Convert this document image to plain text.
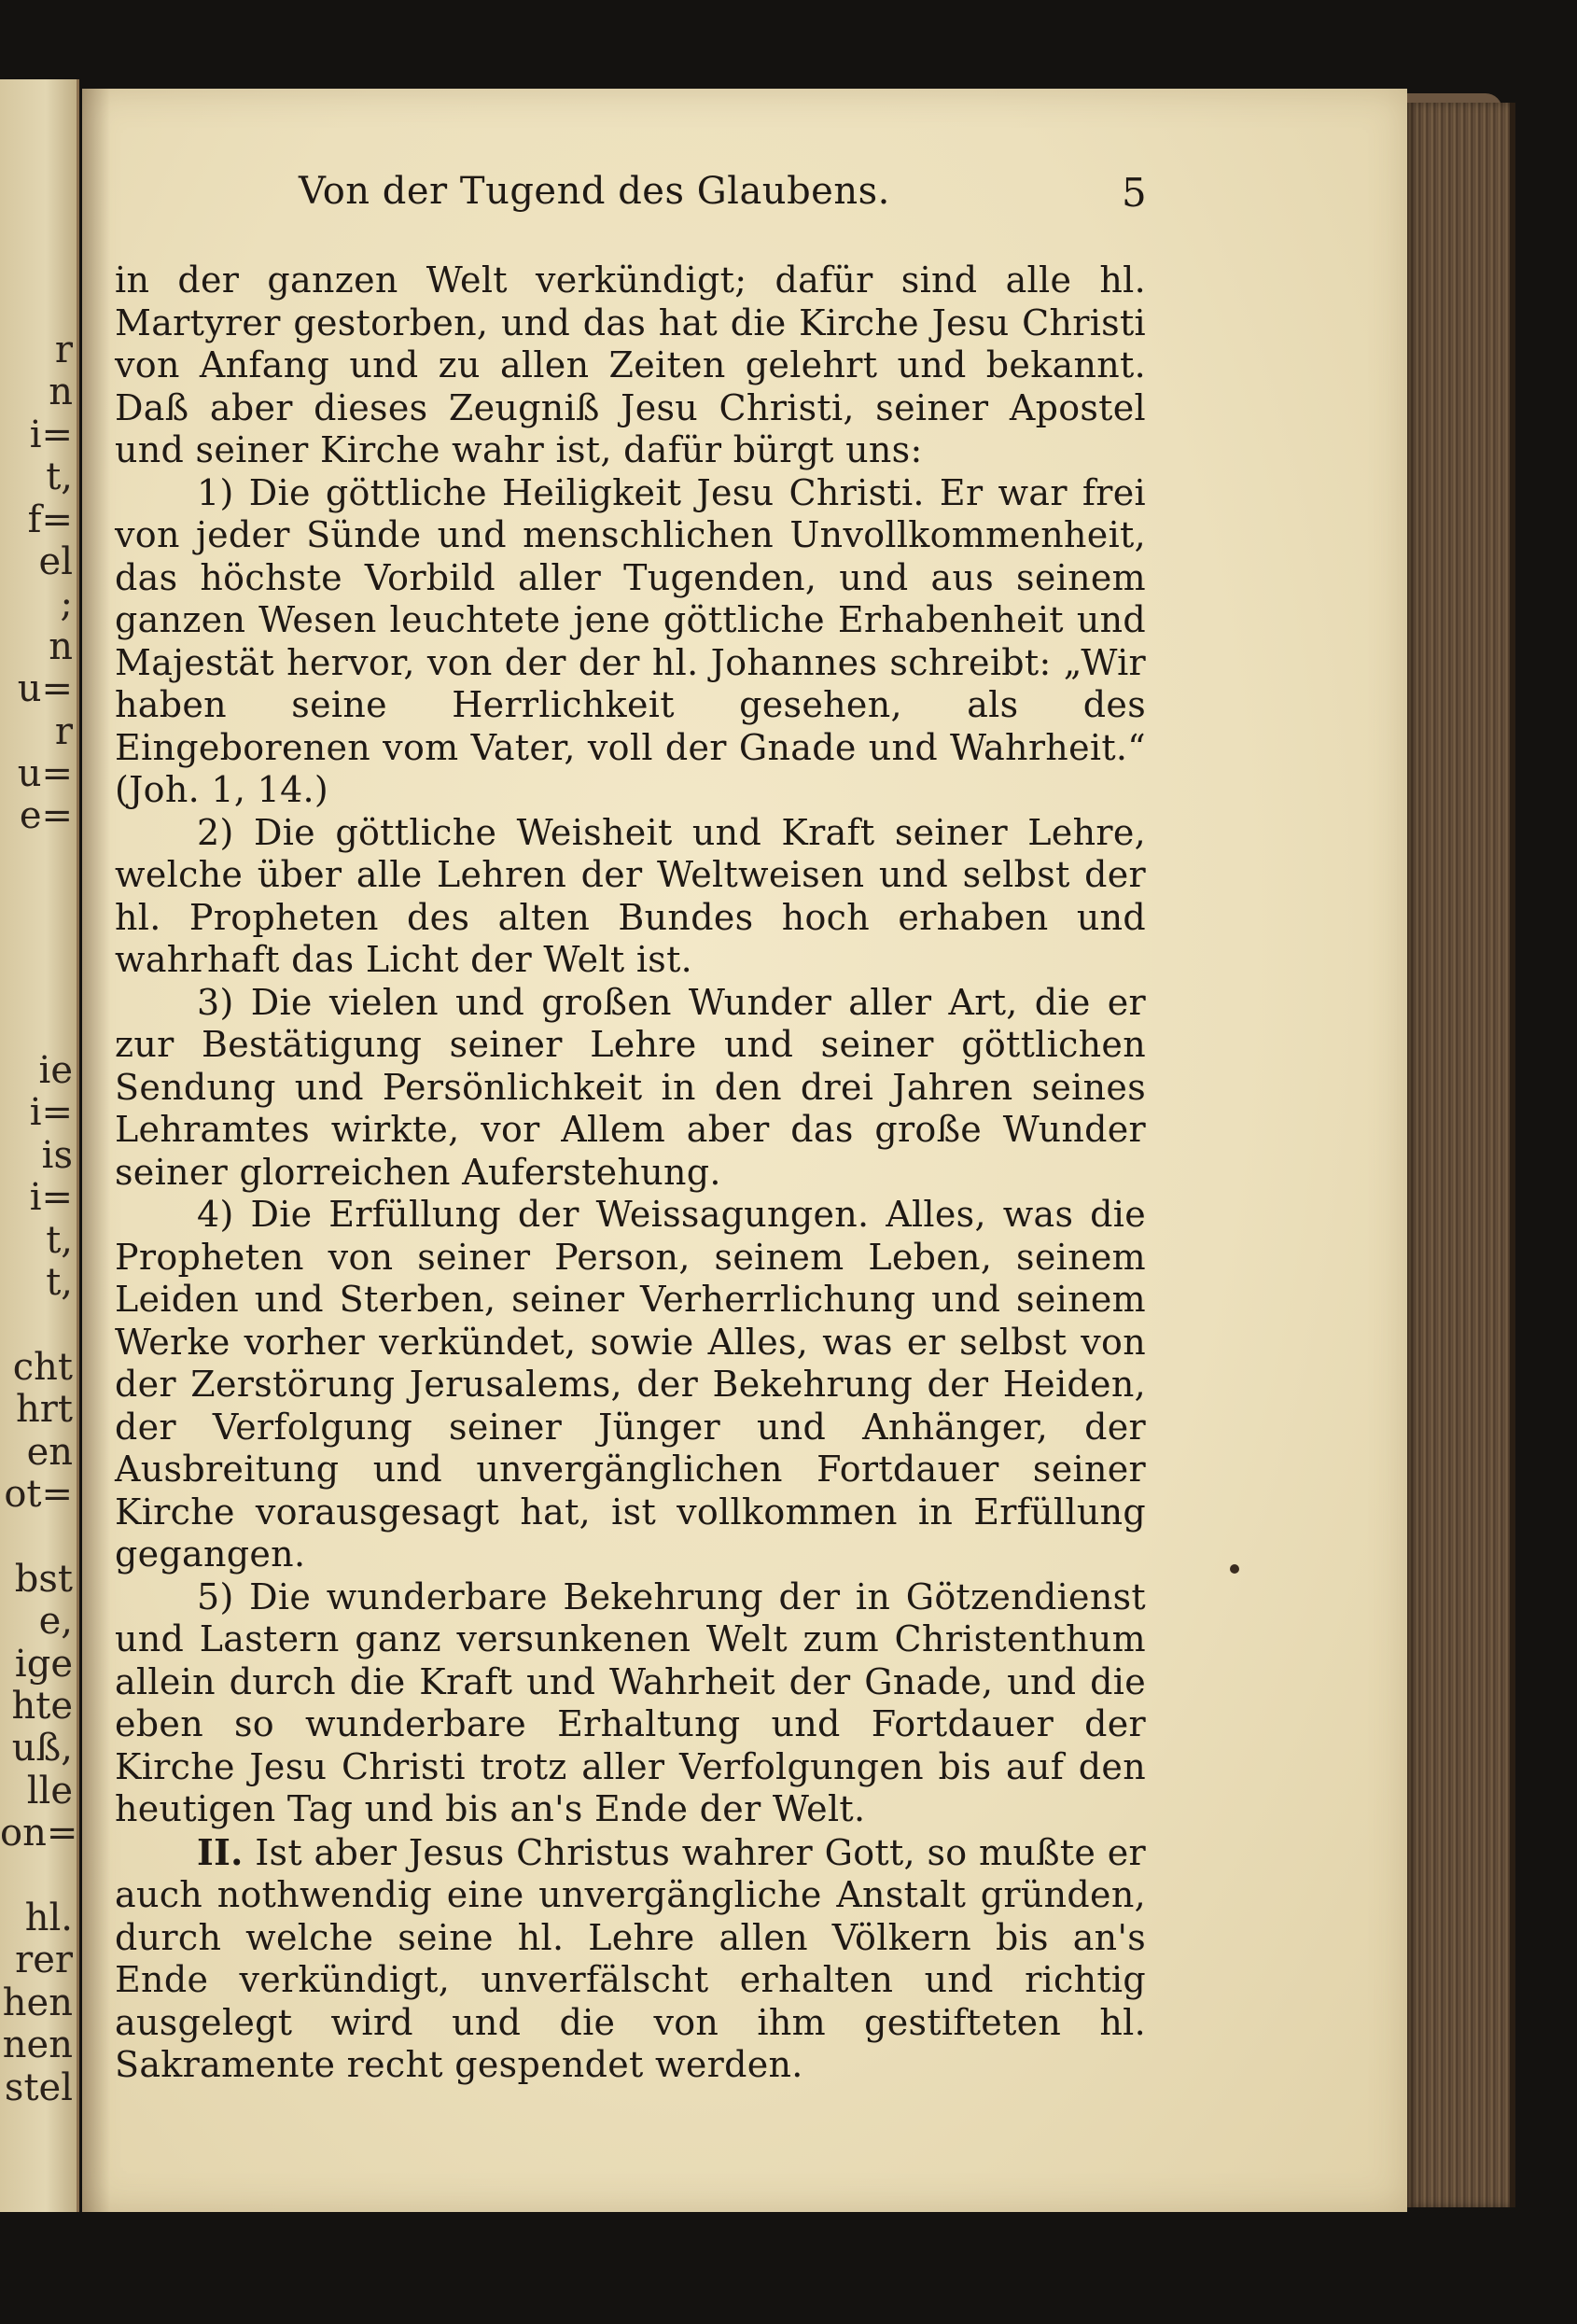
r
n
i=
t,
f=
el
;
n
u=
r
u=
e=

ie
i=
is
i=
t,
t,

cht
hrt
en
ot=

bst
e,
ige
hte
uß,
lle
on=

hl.
rer
hen
nen
stel
Von der Tugend des Glaubens.	5

in der ganzen Welt verkündigt; dafür sind alle hl. Martyrer gestorben, und das hat die Kirche Jesu Christi von Anfang und zu allen Zeiten gelehrt und bekannt. Daß aber dieses Zeugniß Jesu Christi, seiner Apostel und seiner Kirche wahr ist, dafür bürgt uns:

1) Die göttliche Heiligkeit Jesu Christi. Er war frei von jeder Sünde und menschlichen Unvollkommenheit, das höchste Vorbild aller Tugenden, und aus seinem ganzen Wesen leuchtete jene göttliche Erhabenheit und Majestät hervor, von der der hl. Johannes schreibt: „Wir haben seine Herrlichkeit gesehen, als des Eingeborenen vom Vater, voll der Gnade und Wahrheit.“ (Joh. 1, 14.)

2) Die göttliche Weisheit und Kraft seiner Lehre, welche über alle Lehren der Weltweisen und selbst der hl. Propheten des alten Bundes hoch erhaben und wahrhaft das Licht der Welt ist.

3) Die vielen und großen Wunder aller Art, die er zur Bestätigung seiner Lehre und seiner göttlichen Sendung und Persönlichkeit in den drei Jahren seines Lehramtes wirkte, vor Allem aber das große Wunder seiner glorreichen Auferstehung.

4) Die Erfüllung der Weissagungen. Alles, was die Propheten von seiner Person, seinem Leben, seinem Leiden und Sterben, seiner Verherrlichung und seinem Werke vorher verkündet, sowie Alles, was er selbst von der Zerstörung Jerusalems, der Bekehrung der Heiden, der Verfolgung seiner Jünger und Anhänger, der Ausbreitung und unvergänglichen Fortdauer seiner Kirche vorausgesagt hat, ist vollkommen in Erfüllung gegangen.

5) Die wunderbare Bekehrung der in Götzendienst und Lastern ganz versunkenen Welt zum Christenthum allein durch die Kraft und Wahrheit der Gnade, und die eben so wunderbare Erhaltung und Fortdauer der Kirche Jesu Christi trotz aller Verfolgungen bis auf den heutigen Tag und bis an's Ende der Welt.

II. Ist aber Jesus Christus wahrer Gott, so mußte er auch nothwendig eine unvergängliche Anstalt gründen, durch welche seine hl. Lehre allen Völkern bis an's Ende verkündigt, unverfälscht erhalten und richtig ausgelegt wird und die von ihm gestifteten hl. Sakramente recht gespendet werden.
